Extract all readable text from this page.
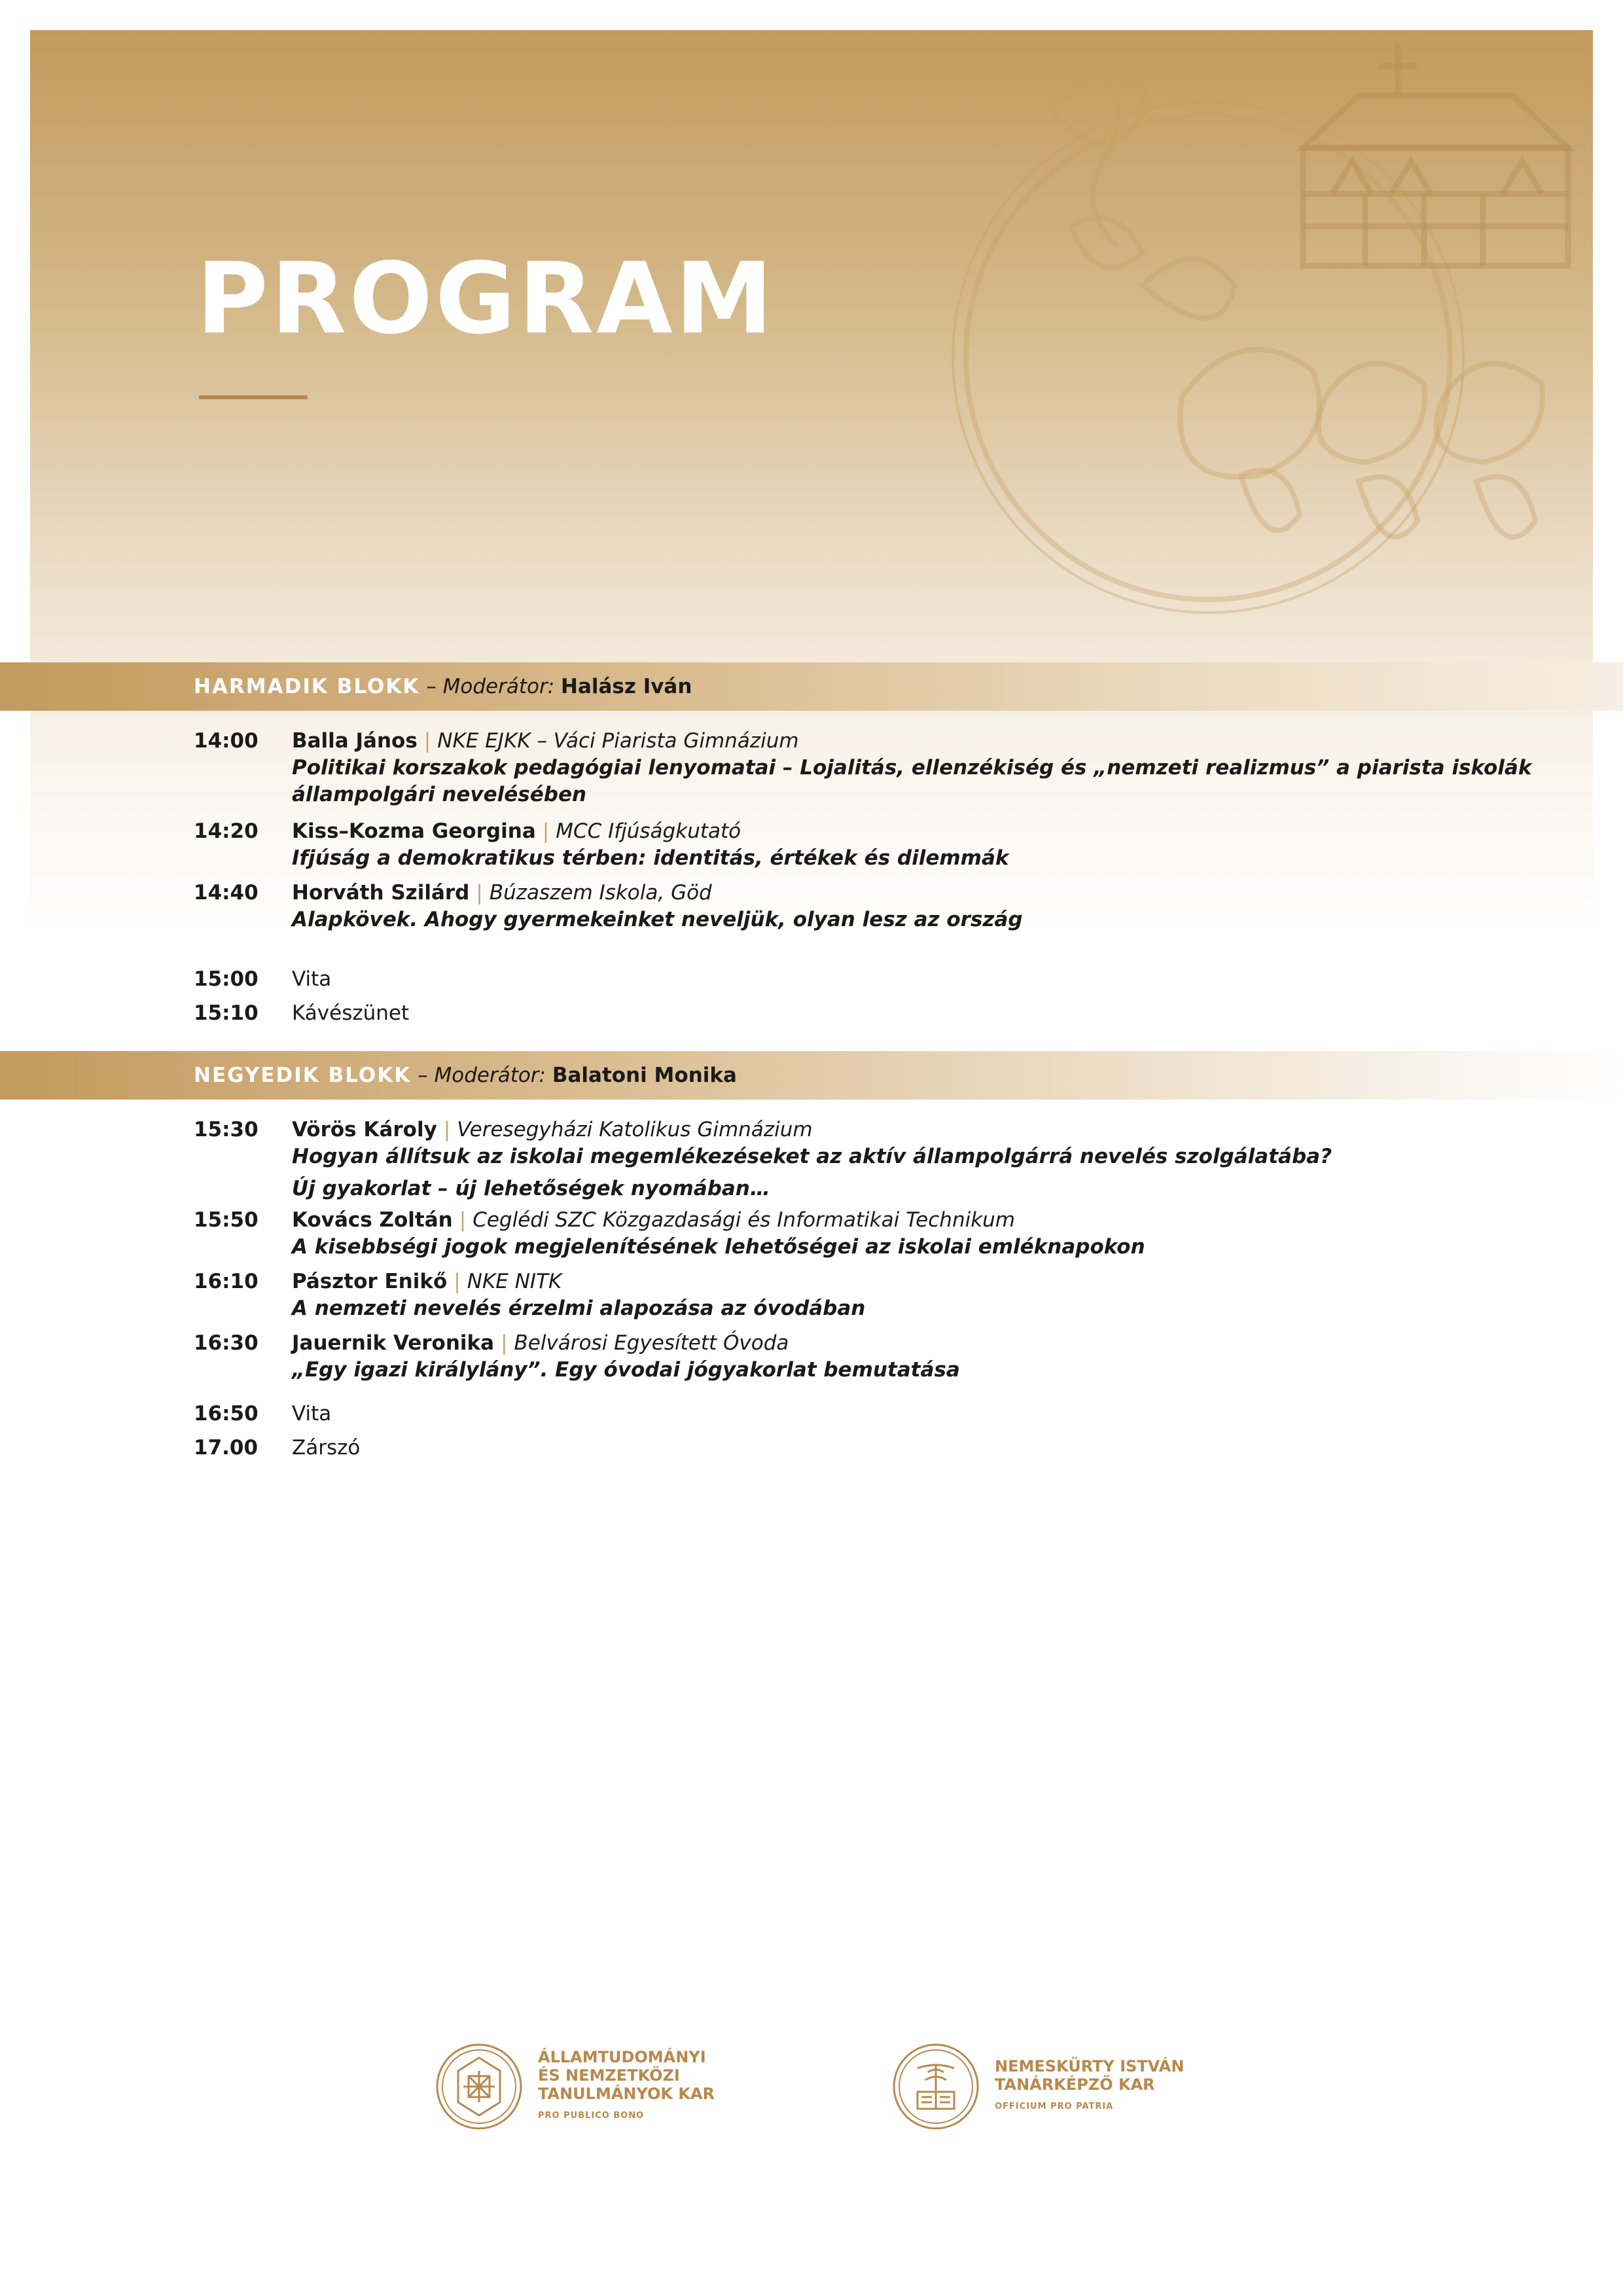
PROGRAM
HARMADIK BLOKK – Moderátor: Halász Iván
14:00	Balla János | NKE EJKK – Váci Piarista Gimnázium
Politikai korszakok pedagógiai lenyomatai – Lojalitás, ellenzékiség és „nemzeti realizmus” a piarista iskolák állampolgári nevelésében
14:20	Kiss–Kozma Georgina | MCC Ifjúságkutató
Ifjúság a demokratikus térben: identitás, értékek és dilemmák
14:40	Horváth Szilárd | Búzaszem Iskola, Göd
Alapkövek. Ahogy gyermekeinket neveljük, olyan lesz az ország
15:00	Vita
15:10	Kávészünet
NEGYEDIK BLOKK – Moderátor: Balatoni Monika
15:30	Vörös Károly | Veresegyházi Katolikus Gimnázium
Hogyan állítsuk az iskolai megemlékezéseket az aktív állampolgárrá nevelés szolgálatába?
Új gyakorlat – új lehetőségek nyomában…
15:50	Kovács Zoltán | Ceglédi SZC Közgazdasági és Informatikai Technikum
A kisebbségi jogok megjelenítésének lehetőségei az iskolai emléknapokon
16:10	Pásztor Enikő | NKE NITK
A nemzeti nevelés érzelmi alapozása az óvodában
16:30	Jauernik Veronika | Belvárosi Egyesített Óvoda
„Egy igazi királylány”. Egy óvodai jógyakorlat bemutatása
16:50	Vita
17.00	Zárszó
ÁLLAMTUDOMÁNYI
ÉS NEMZETKÖZI
TANULMÁNYOK KAR
PRO PUBLICO BONO
NEMESKÜRTY ISTVÁN
TANÁRKÉPZŐ KAR
OFFICIUM PRO PATRIA
